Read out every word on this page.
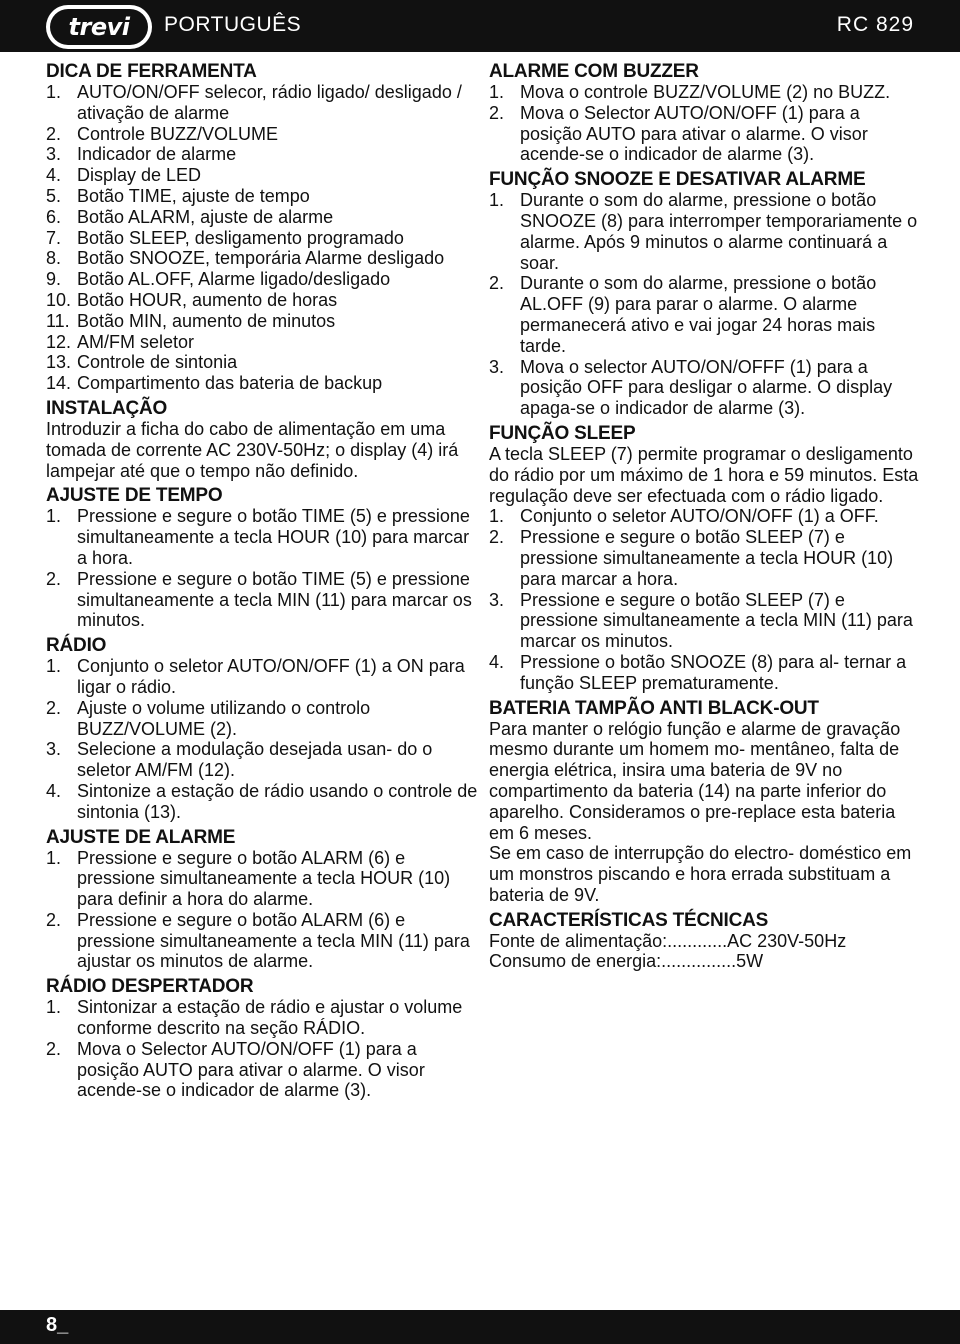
trevi	PORTUGUÊS	RC 829
DICA DE FERRAMENTA
1. AUTO/ON/OFF selecor, rádio ligado/ desligado / ativação de alarme
2. Controle BUZZ/VOLUME
3. Indicador de alarme
4. Display de LED
5. Botão TIME, ajuste de tempo
6. Botão ALARM, ajuste de alarme
7. Botão SLEEP, desligamento programado
8. Botão SNOOZE, temporária Alarme desligado
9. Botão AL.OFF, Alarme ligado/desligado
10. Botão HOUR, aumento de horas
11. Botão MIN, aumento de minutos
12. AM/FM seletor
13. Controle de sintonia
14. Compartimento das bateria de backup
INSTALAÇÃO
Introduzir a ficha do cabo de alimentação em uma tomada de corrente AC 230V-50Hz; o display (4) irá lampejar até que o tempo não definido.
AJUSTE DE TEMPO
1. Pressione e segure o botão TIME (5) e pressione simultaneamente a tecla HOUR (10) para marcar a hora.
2. Pressione e segure o botão TIME (5) e pressione simultaneamente a tecla MIN (11) para marcar os minutos.
RÁDIO
1. Conjunto o seletor AUTO/ON/OFF (1) a ON para ligar o rádio.
2. Ajuste o volume utilizando o controlo BUZZ/VOLUME (2).
3. Selecione a modulação desejada usan- do o seletor AM/FM (12).
4. Sintonize a estação de rádio usando o controle de sintonia (13).
AJUSTE DE ALARME
1. Pressione e segure o botão ALARM (6) e pressione simultaneamente a tecla HOUR (10) para definir a hora do alarme.
2. Pressione e segure o botão ALARM (6) e pressione simultaneamente a tecla MIN (11) para ajustar os minutos de alarme.
RÁDIO DESPERTADOR
1. Sintonizar a estação de rádio e ajustar o volume conforme descrito na seção RÁDIO.
2. Mova o Selector AUTO/ON/OFF (1) para a posição AUTO para ativar o alarme. O visor acende-se o indicador de alarme (3).
ALARME COM BUZZER
1. Mova o controle BUZZ/VOLUME (2) no BUZZ.
2. Mova o Selector AUTO/ON/OFF (1) para a posição AUTO para ativar o alarme. O visor acende-se o indicador de alarme (3).
FUNÇÃO SNOOZE E DESATIVAR ALARME
1. Durante o som do alarme, pressione o botão SNOOZE (8) para interromper temporariamente o alarme. Após 9 minutos o alarme continuará a soar.
2. Durante o som do alarme, pressione o botão AL.OFF (9) para parar o alarme. O alarme permanecerá ativo e vai jogar 24 horas mais tarde.
3. Mova o selector AUTO/ON/OFFF (1) para a posição OFF para desligar o alarme. O display apaga-se o indicador de alarme (3).
FUNÇÃO SLEEP
A tecla SLEEP (7) permite programar o desligamento do rádio por um máximo de 1 hora e 59 minutos. Esta regulação deve ser efectuada com o rádio ligado.
1. Conjunto o seletor AUTO/ON/OFF (1) a OFF.
2. Pressione e segure o botão SLEEP (7) e pressione simultaneamente a tecla HOUR (10) para marcar a hora.
3. Pressione e segure o botão SLEEP (7) e pressione simultaneamente a tecla MIN (11) para marcar os minutos.
4. Pressione o botão SNOOZE (8) para al- ternar a função SLEEP prematuramente.
BATERIA TAMPÃO ANTI BLACK-OUT
Para manter o relógio função e alarme de gravação mesmo durante um homem mo- mentâneo, falta de energia elétrica, insira uma bateria de 9V no compartimento da bateria (14) na parte inferior do aparelho. Consideramos o pre-replace esta bateria em 6 meses.
Se em caso de interrupção do electro- doméstico em um monstros piscando e hora errada substituam a bateria de 9V.
CARACTERÍSTICAS TÉCNICAS
Fonte de alimentação:............AC 230V-50Hz
Consumo de energia:...............5W
8_
